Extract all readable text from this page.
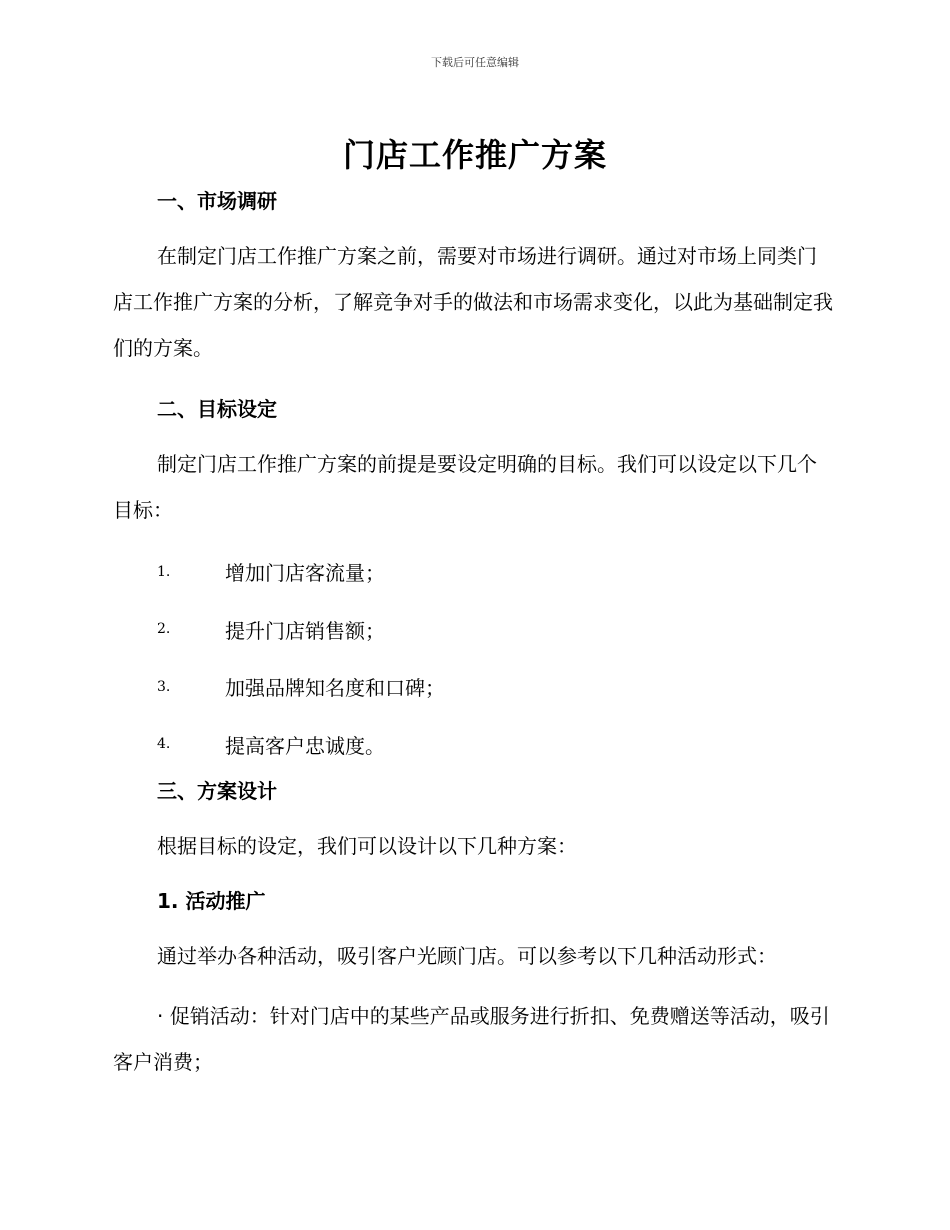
下载后可任意编辑
门店工作推广方案
一、市场调研

在制定门店工作推广方案之前，需要对市场进行调研。通过对市场上同类门店工作推广方案的分析，了解竞争对手的做法和市场需求变化，以此为基础制定我们的方案。

二、目标设定

制定门店工作推广方案的前提是要设定明确的目标。我们可以设定以下几个目标：

1.	增加门店客流量；
2.	提升门店销售额；
3.	加强品牌知名度和口碑；
4.	提高客户忠诚度。
三、方案设计

根据目标的设定，我们可以设计以下几种方案：

1. 活动推广

通过举办各种活动，吸引客户光顾门店。可以参考以下几种活动形式：

· 促销活动：针对门店中的某些产品或服务进行折扣、免费赠送等活动，吸引客户消费；
